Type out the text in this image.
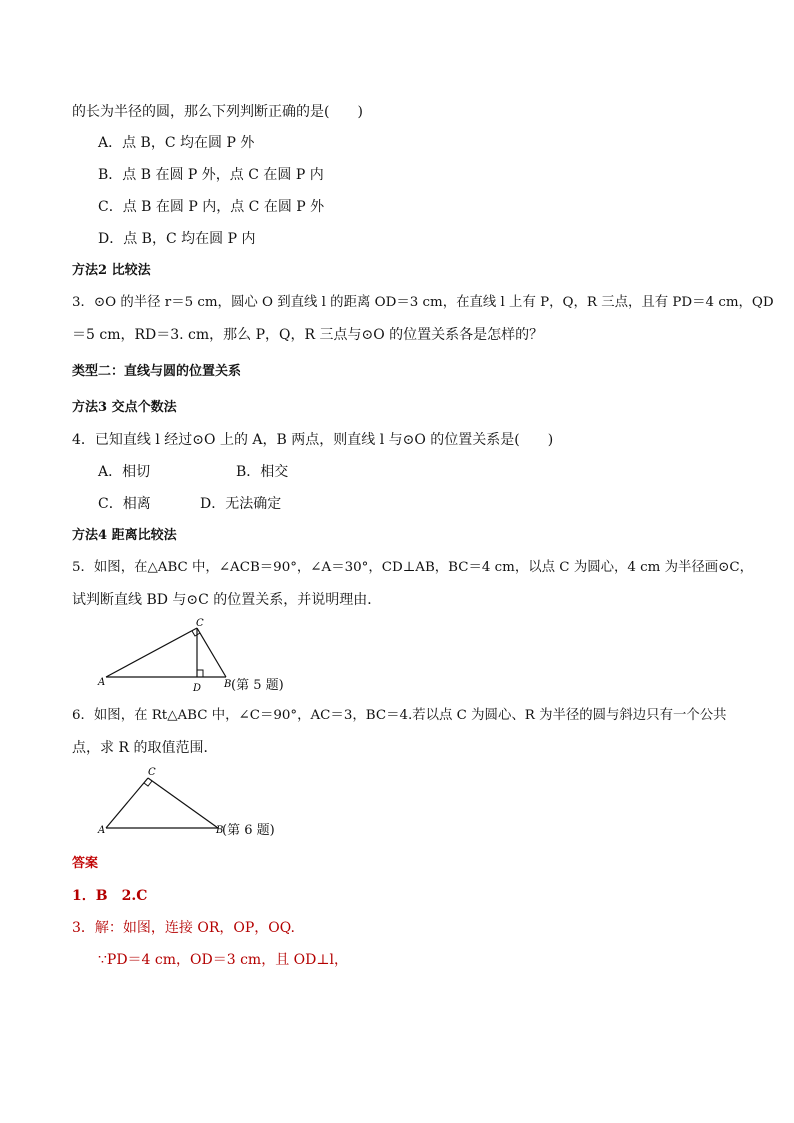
的长为半径的圆，那么下列判断正确的是(　　)
A．点 B，C 均在圆 P 外
B．点 B 在圆 P 外，点 C 在圆 P 内
C．点 B 在圆 P 内，点 C 在圆 P 外
D．点 B，C 均在圆 P 内
方法2 比较法
3．⊙O 的半径 r＝5 cm，圆心 O 到直线 l 的距离 OD＝3 cm，在直线 l 上有 P，Q，R 三点，且有 PD＝4 cm，QD
＝5 cm，RD＝3. cm，那么 P，Q，R 三点与⊙O 的位置关系各是怎样的？
类型二：直线与圆的位置关系
方法3 交点个数法
4．已知直线 l 经过⊙O 上的 A，B 两点，则直线 l 与⊙O 的位置关系是(　　)
A．相切	B．相交
C．相离	D．无法确定
方法4 距离比较法
5．如图，在△ABC 中，∠ACB＝90°，∠A＝30°，CD⊥AB，BC＝4 cm，以点 C 为圆心，4 cm 为半径画⊙C，
试判断直线 BD 与⊙C 的位置关系，并说明理由．
A
D B
C
(第 5 题)
6．如图，在 Rt△ABC 中，∠C＝90°，AC＝3，BC＝4.若以点 C 为圆心、R 为半径的圆与斜边只有一个公共
点，求 R 的取值范围．
A	B
C
(第 6 题)
答案
1．B　2.C
3．解：如图，连接 OR，OP，OQ.
∵PD＝4 cm，OD＝3 cm，且 OD⊥l，
